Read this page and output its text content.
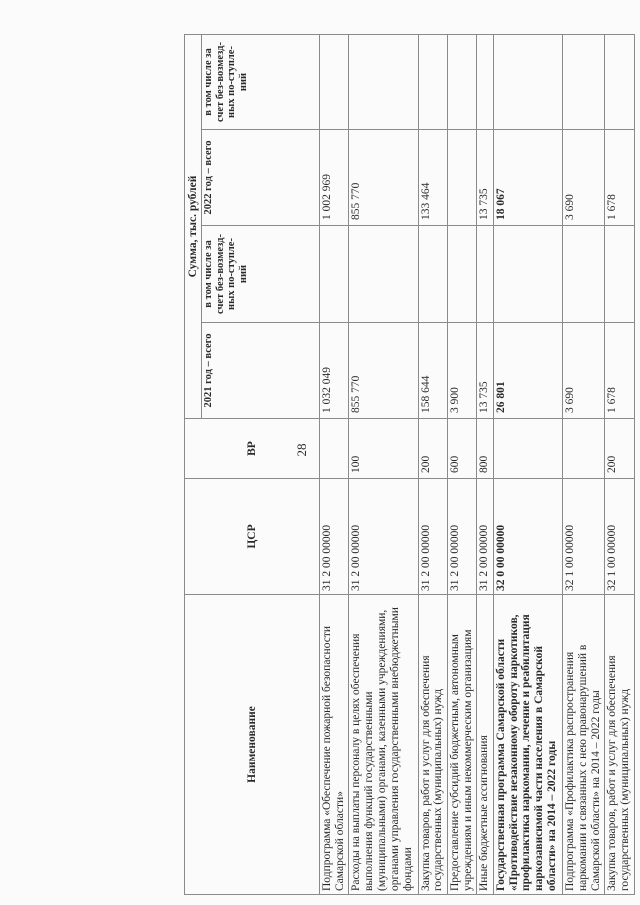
28
Наименование	ЦСР	ВР	Сумма, тыс. рублей			
			2021 год – всего	в том числе за счет без-возмезд-ных по-ступле-ний	2022 год – всего	в том числе за счет без-возмезд-ных по-ступле-ний
Подпрограмма «Обеспечение пожарной безопасности Самарской области»	31 2 00 00000		1 032 049		1 002 969	
Расходы на выплаты персоналу в целях обеспечения выполнения функций государственными (муниципальными) органами, казенными учреждениями, органами управления государственными внебюджетными фондами	31 2 00 00000	100	855 770		855 770	
Закупка товаров, работ и услуг для обеспечения государственных (муниципальных) нужд	31 2 00 00000	200	158 644		133 464	
Предоставление субсидий бюджетным, автономным учреждениям и иным некоммерческим организациям	31 2 00 00000	600	3 900			
Иные бюджетные ассигнования	31 2 00 00000	800	13 735		13 735	
Государственная программа Самарской области «Противодействие незаконному обороту наркотиков, профилактика наркомании, лечение и реабилитация наркозависимой части населения в Самарской области» на 2014 – 2022 годы	32 0 00 00000		26 801		18 067	
Подпрограмма «Профилактика распространения наркомании и связанных с нею правонарушений в Самарской области» на 2014 – 2022 годы	32 1 00 00000		3 690		3 690	
Закупка товаров, работ и услуг для обеспечения государственных (муниципальных) нужд	32 1 00 00000	200	1 678		1 678	
